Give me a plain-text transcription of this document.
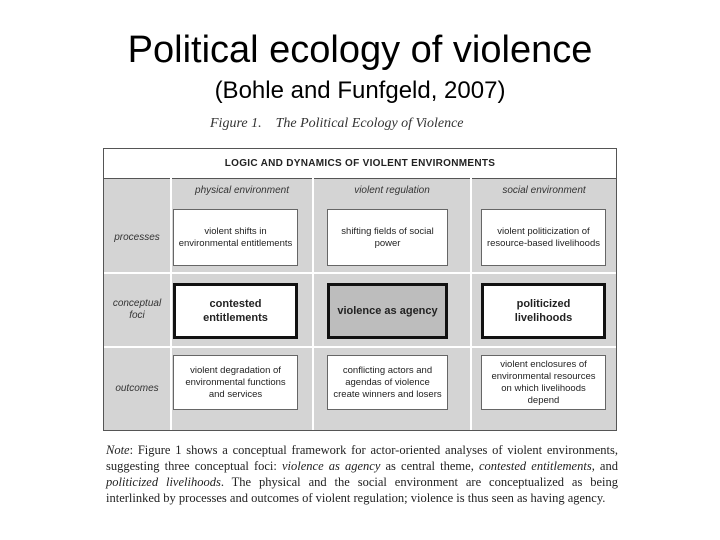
Political ecology of violence
(Bohle and Funfgeld, 2007)
Figure 1.    The Political Ecology of Violence
LOGIC AND DYNAMICS OF VIOLENT ENVIRONMENTS
physical environment	violent regulation	social environment
processes
conceptual foci
outcomes
violent shifts in environmental entitlements
shifting fields of social power
violent politicization of resource-based livelihoods
contested entitlements
violence as agency
politicized livelihoods
violent degradation of environmental functions and services
conflicting actors and agendas of violence create winners and losers
violent enclosures of environmental resources on which livelihoods depend
Note: Figure 1 shows a conceptual framework for actor-oriented analyses of violent environments, suggesting three conceptual foci: violence as agency as central theme, contested entitlements, and politicized livelihoods. The physical and the social environment are conceptualized as being interlinked by processes and outcomes of violent regulation; violence is thus seen as having agency.
